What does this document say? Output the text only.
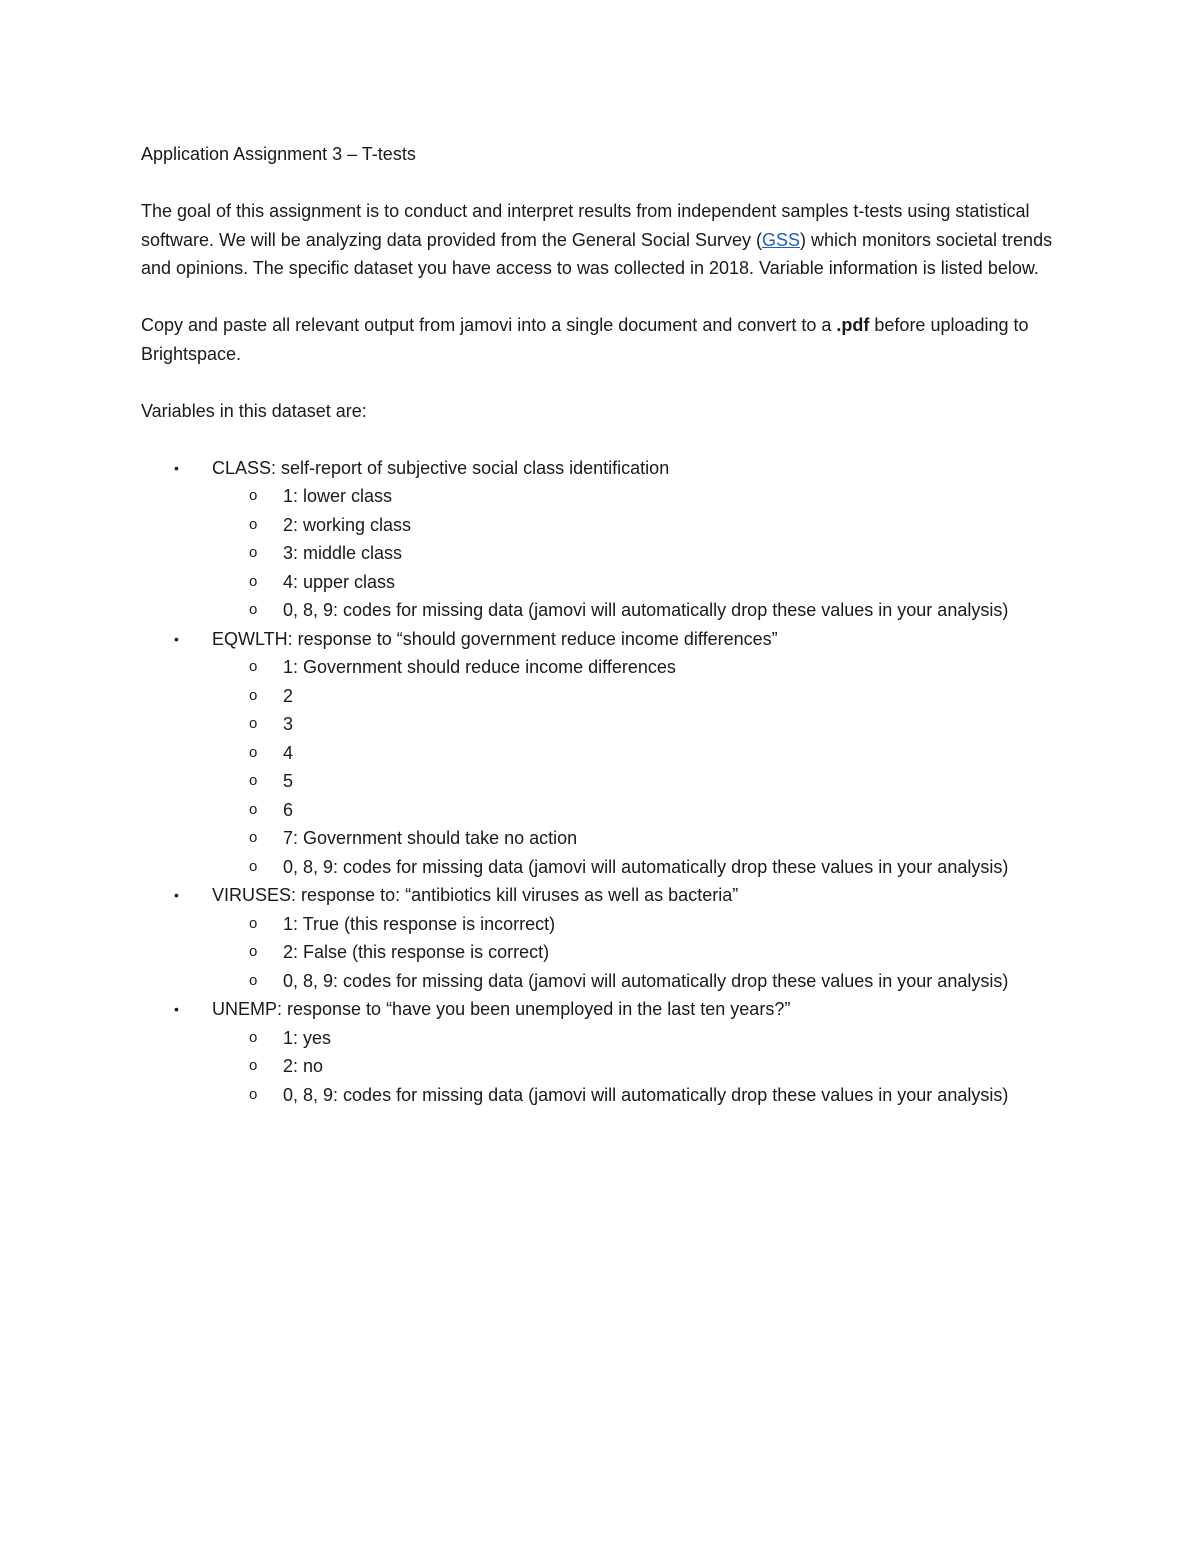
Application Assignment 3 – T-tests

The goal of this assignment is to conduct and interpret results from independent samples t-tests using statistical software. We will be analyzing data provided from the General Social Survey (GSS) which monitors societal trends and opinions. The specific dataset you have access to was collected in 2018. Variable information is listed below.

Copy and paste all relevant output from jamovi into a single document and convert to a .pdf before uploading to Brightspace.

Variables in this dataset are:

• CLASS: self-report of subjective social class identification
o 1: lower class
o 2: working class
o 3: middle class
o 4: upper class
o 0, 8, 9: codes for missing data (jamovi will automatically drop these values in your analysis)
• EQWLTH: response to “should government reduce income differences”
o 1: Government should reduce income differences
o 2
o 3
o 4
o 5
o 6
o 7: Government should take no action
o 0, 8, 9: codes for missing data (jamovi will automatically drop these values in your analysis)
• VIRUSES: response to: “antibiotics kill viruses as well as bacteria”
o 1: True (this response is incorrect)
o 2: False (this response is correct)
o 0, 8, 9: codes for missing data (jamovi will automatically drop these values in your analysis)
• UNEMP: response to “have you been unemployed in the last ten years?”
o 1: yes
o 2: no
o 0, 8, 9: codes for missing data (jamovi will automatically drop these values in your analysis)
